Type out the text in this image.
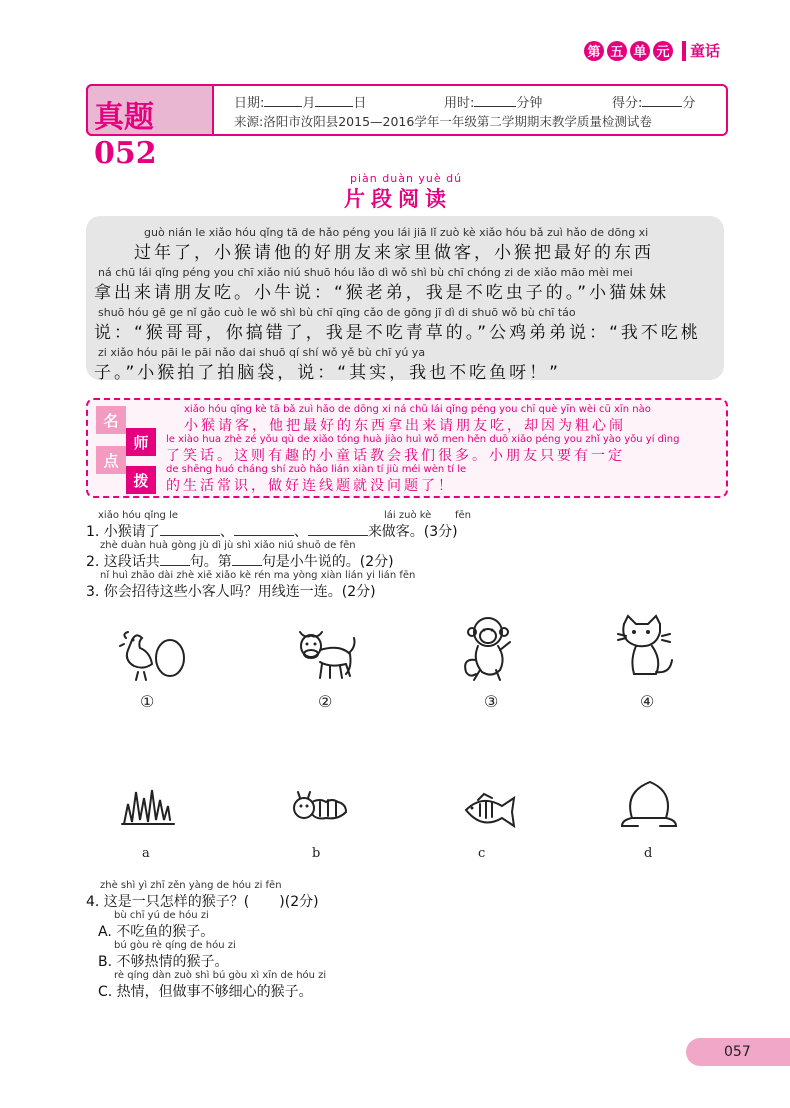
第 五 单 元 童话
真题052
日期:	月	日	用时:	分钟	得分:	分
来源:洛阳市汝阳县2015—2016学年一年级第二学期期末教学质量检测试卷
piàn duàn yuè dú
片段阅读
guò nián le xiǎo hóu qǐng tā de hǎo péng you lái jiā lǐ zuò kè xiǎo hóu bǎ zuì hǎo de dōng xi
过年了，小猴请他的好朋友来家里做客，小猴把最好的东西
ná chū lái qǐng péng you chī xiǎo niú shuō hóu lǎo dì wǒ shì bù chī chóng zi de xiǎo māo mèi mei
拿出来请朋友吃。小牛说：“猴老弟，我是不吃虫子的。”小猫妹妹
shuō hóu gē ge nǐ gǎo cuò le wǒ shì bù chī qīng cǎo de gōng jī dì di shuō wǒ bù chī táo
说：“猴哥哥，你搞错了，我是不吃青草的。”公鸡弟弟说：“我不吃桃
zi xiǎo hóu pāi le pāi nǎo dai shuō qí shí wǒ yě bù chī yú ya
子。”小猴拍了拍脑袋，说：“其实，我也不吃鱼呀！”
名
师
点
拨
xiǎo hóu qǐng kè tā bǎ zuì hǎo de dōng xi ná chū lái qǐng péng you chī què yīn wèi cū xīn nào
小猴请客，他把最好的东西拿出来请朋友吃，却因为粗心闹
le xiào hua zhè zé yǒu qù de xiǎo tóng huà jiào huì wǒ men hěn duō xiǎo péng you zhǐ yào yǒu yí dìng
了笑话。这则有趣的小童话教会我们很多。小朋友只要有一定
de shēng huó cháng shí zuò hǎo lián xiàn tí jiù méi wèn tí le
的生活常识，做好连线题就没问题了！
xiǎo hóu qǐng le	lái zuò kè fēn
1. 小猴请了	、	、	来做客。(3分)
zhè duàn huà gòng jù dì jù shì xiǎo niú shuō de fēn
2. 这段话共 句。第 句是小牛说的。(2分)
nǐ huì zhāo dài zhè xiē xiǎo kè rén ma yòng xiàn lián yi lián fēn
3. 你会招待这些小客人吗？用线连一连。(2分)
①	②	③	④
a	b	c	d
zhè shì yì zhī zěn yàng de hóu zi fēn
4. 这是一只怎样的猴子？( )(2分)
bù chī yú de hóu zi
A. 不吃鱼的猴子。
bú gòu rè qíng de hóu zi
B. 不够热情的猴子。
rè qíng dàn zuò shì bú gòu xì xīn de hóu zi
C. 热情，但做事不够细心的猴子。
057
